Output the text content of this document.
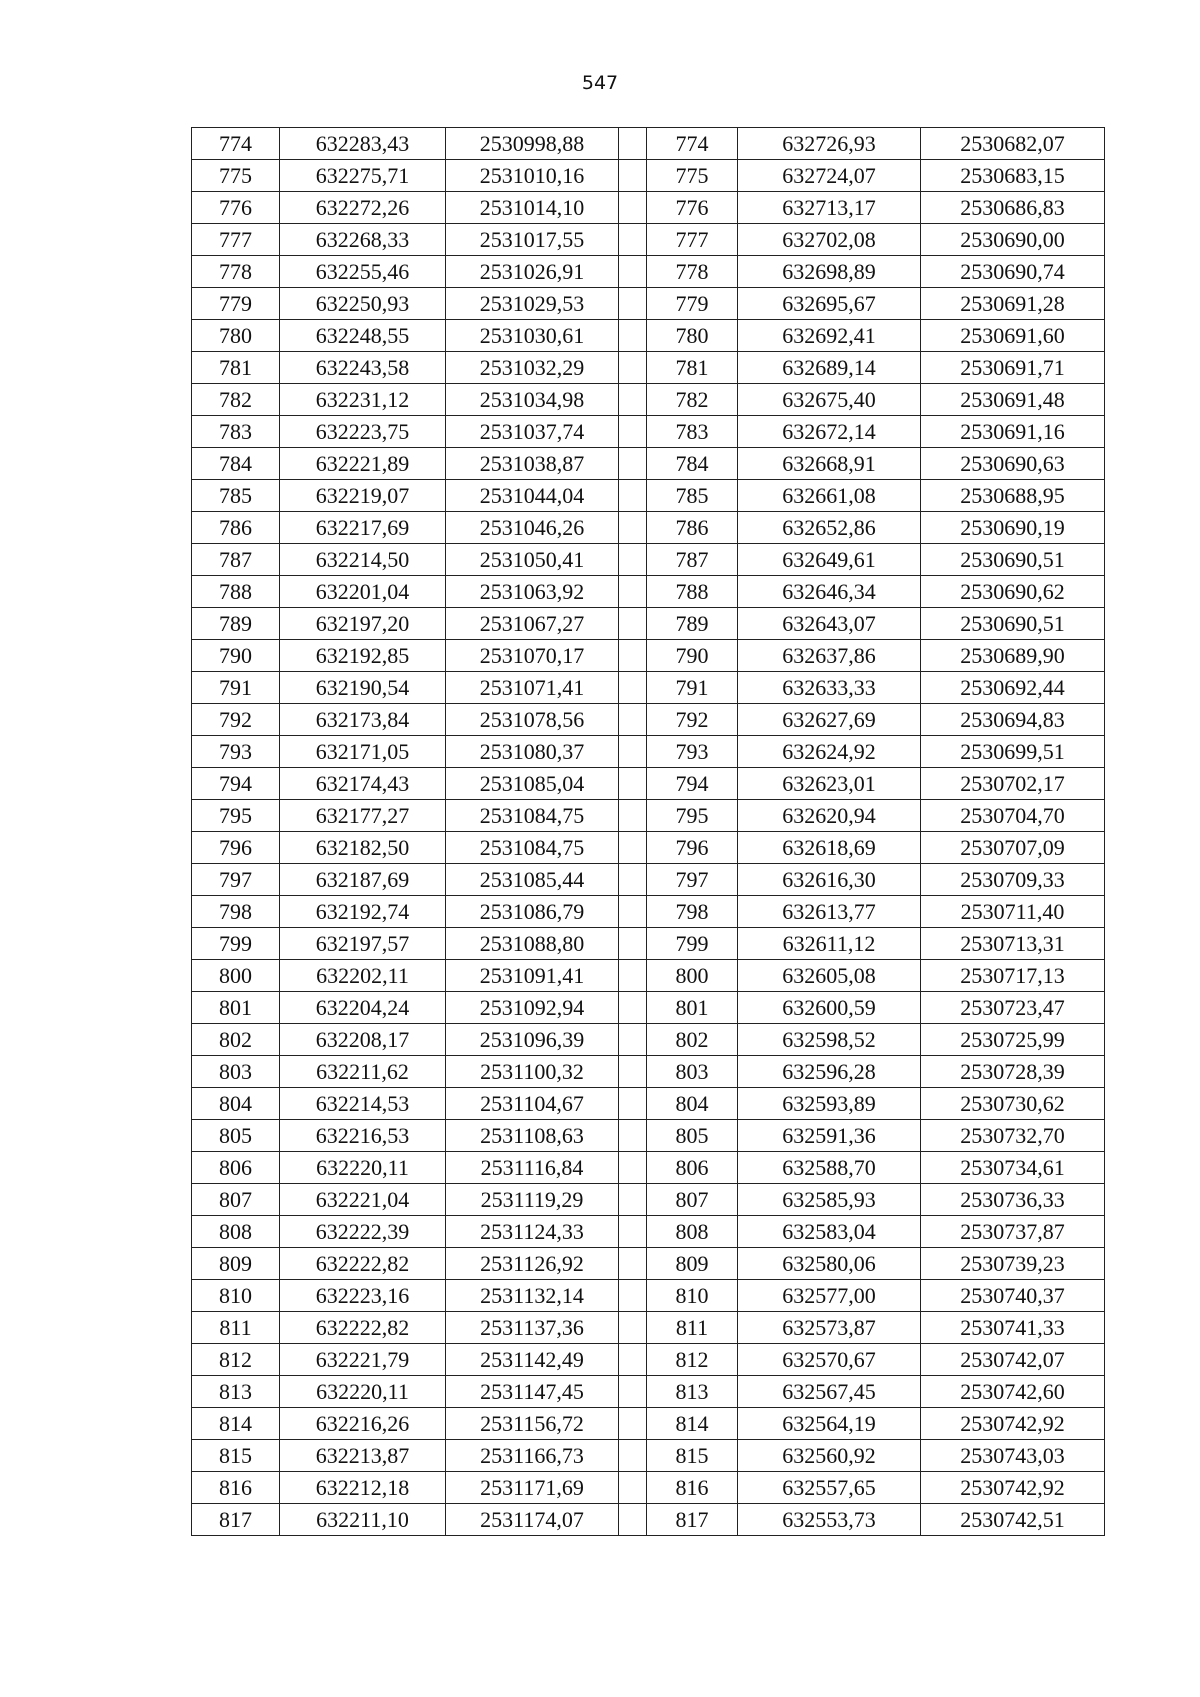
547
774	632283,43	2530998,88		774	632726,93	2530682,07
775	632275,71	2531010,16		775	632724,07	2530683,15
776	632272,26	2531014,10		776	632713,17	2530686,83
777	632268,33	2531017,55		777	632702,08	2530690,00
778	632255,46	2531026,91		778	632698,89	2530690,74
779	632250,93	2531029,53		779	632695,67	2530691,28
780	632248,55	2531030,61		780	632692,41	2530691,60
781	632243,58	2531032,29		781	632689,14	2530691,71
782	632231,12	2531034,98		782	632675,40	2530691,48
783	632223,75	2531037,74		783	632672,14	2530691,16
784	632221,89	2531038,87		784	632668,91	2530690,63
785	632219,07	2531044,04		785	632661,08	2530688,95
786	632217,69	2531046,26		786	632652,86	2530690,19
787	632214,50	2531050,41		787	632649,61	2530690,51
788	632201,04	2531063,92		788	632646,34	2530690,62
789	632197,20	2531067,27		789	632643,07	2530690,51
790	632192,85	2531070,17		790	632637,86	2530689,90
791	632190,54	2531071,41		791	632633,33	2530692,44
792	632173,84	2531078,56		792	632627,69	2530694,83
793	632171,05	2531080,37		793	632624,92	2530699,51
794	632174,43	2531085,04		794	632623,01	2530702,17
795	632177,27	2531084,75		795	632620,94	2530704,70
796	632182,50	2531084,75		796	632618,69	2530707,09
797	632187,69	2531085,44		797	632616,30	2530709,33
798	632192,74	2531086,79		798	632613,77	2530711,40
799	632197,57	2531088,80		799	632611,12	2530713,31
800	632202,11	2531091,41		800	632605,08	2530717,13
801	632204,24	2531092,94		801	632600,59	2530723,47
802	632208,17	2531096,39		802	632598,52	2530725,99
803	632211,62	2531100,32		803	632596,28	2530728,39
804	632214,53	2531104,67		804	632593,89	2530730,62
805	632216,53	2531108,63		805	632591,36	2530732,70
806	632220,11	2531116,84		806	632588,70	2530734,61
807	632221,04	2531119,29		807	632585,93	2530736,33
808	632222,39	2531124,33		808	632583,04	2530737,87
809	632222,82	2531126,92		809	632580,06	2530739,23
810	632223,16	2531132,14		810	632577,00	2530740,37
811	632222,82	2531137,36		811	632573,87	2530741,33
812	632221,79	2531142,49		812	632570,67	2530742,07
813	632220,11	2531147,45		813	632567,45	2530742,60
814	632216,26	2531156,72		814	632564,19	2530742,92
815	632213,87	2531166,73		815	632560,92	2530743,03
816	632212,18	2531171,69		816	632557,65	2530742,92
817	632211,10	2531174,07		817	632553,73	2530742,51
